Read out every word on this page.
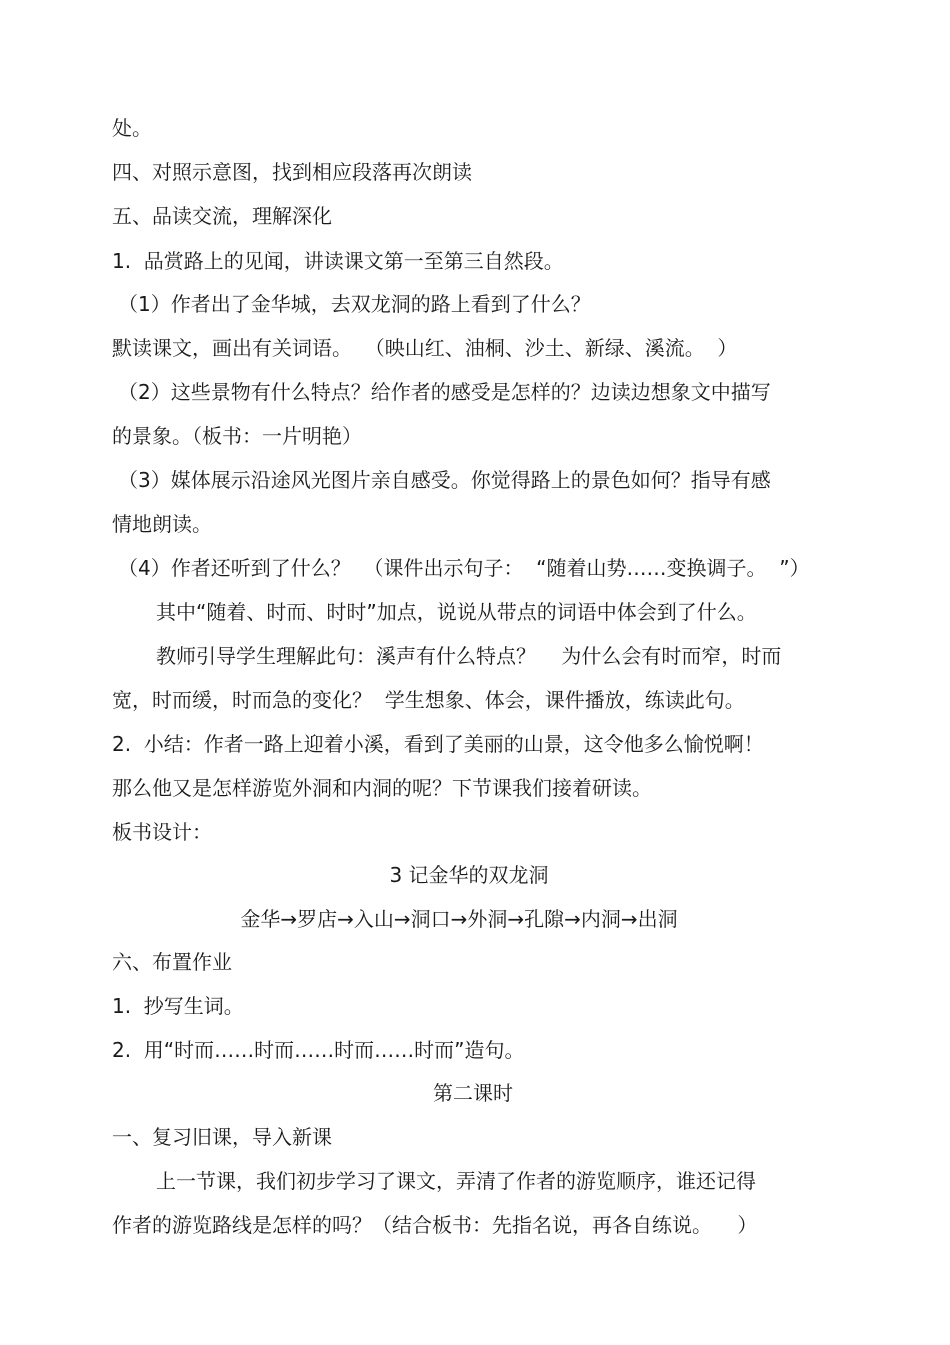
处。

四、对照示意图，找到相应段落再次朗读

五、品读交流，理解深化

1.  品赏路上的见闻，讲读课文第一至第三自然段。

（1）作者出了金华城，去双龙洞的路上看到了什么？

默读课文，画出有关词语。  （映山红、油桐、沙土、新绿、溪流。  ）

（2）这些景物有什么特点？给作者的感受是怎样的？边读边想象文中描写

的景象。（板书：一片明艳）

（3）媒体展示沿途风光图片亲自感受。你觉得路上的景色如何？指导有感

情地朗读。

（4）作者还听到了什么？  （课件出示句子：  “随着山势……变换调子。  ”）

其中“随着、时而、时时”加点，说说从带点的词语中体会到了什么。

教师引导学生理解此句：溪声有什么特点？    为什么会有时而窄，时而

宽，时而缓，时而急的变化？  学生想象、体会，课件播放，练读此句。

2.  小结：作者一路上迎着小溪，看到了美丽的山景，这令他多么愉悦啊！

那么他又是怎样游览外洞和内洞的呢？下节课我们接着研读。

板书设计：

3 记金华的双龙洞

金华→罗店→入山→洞口→外洞→孔隙→内洞→出洞

六、布置作业

1.  抄写生词。

2.  用“时而……时而……时而……时而”造句。

第二课时

一、复习旧课，导入新课

上一节课，我们初步学习了课文，弄清了作者的游览顺序，谁还记得

作者的游览路线是怎样的吗？（结合板书：先指名说，再各自练说。    ）
